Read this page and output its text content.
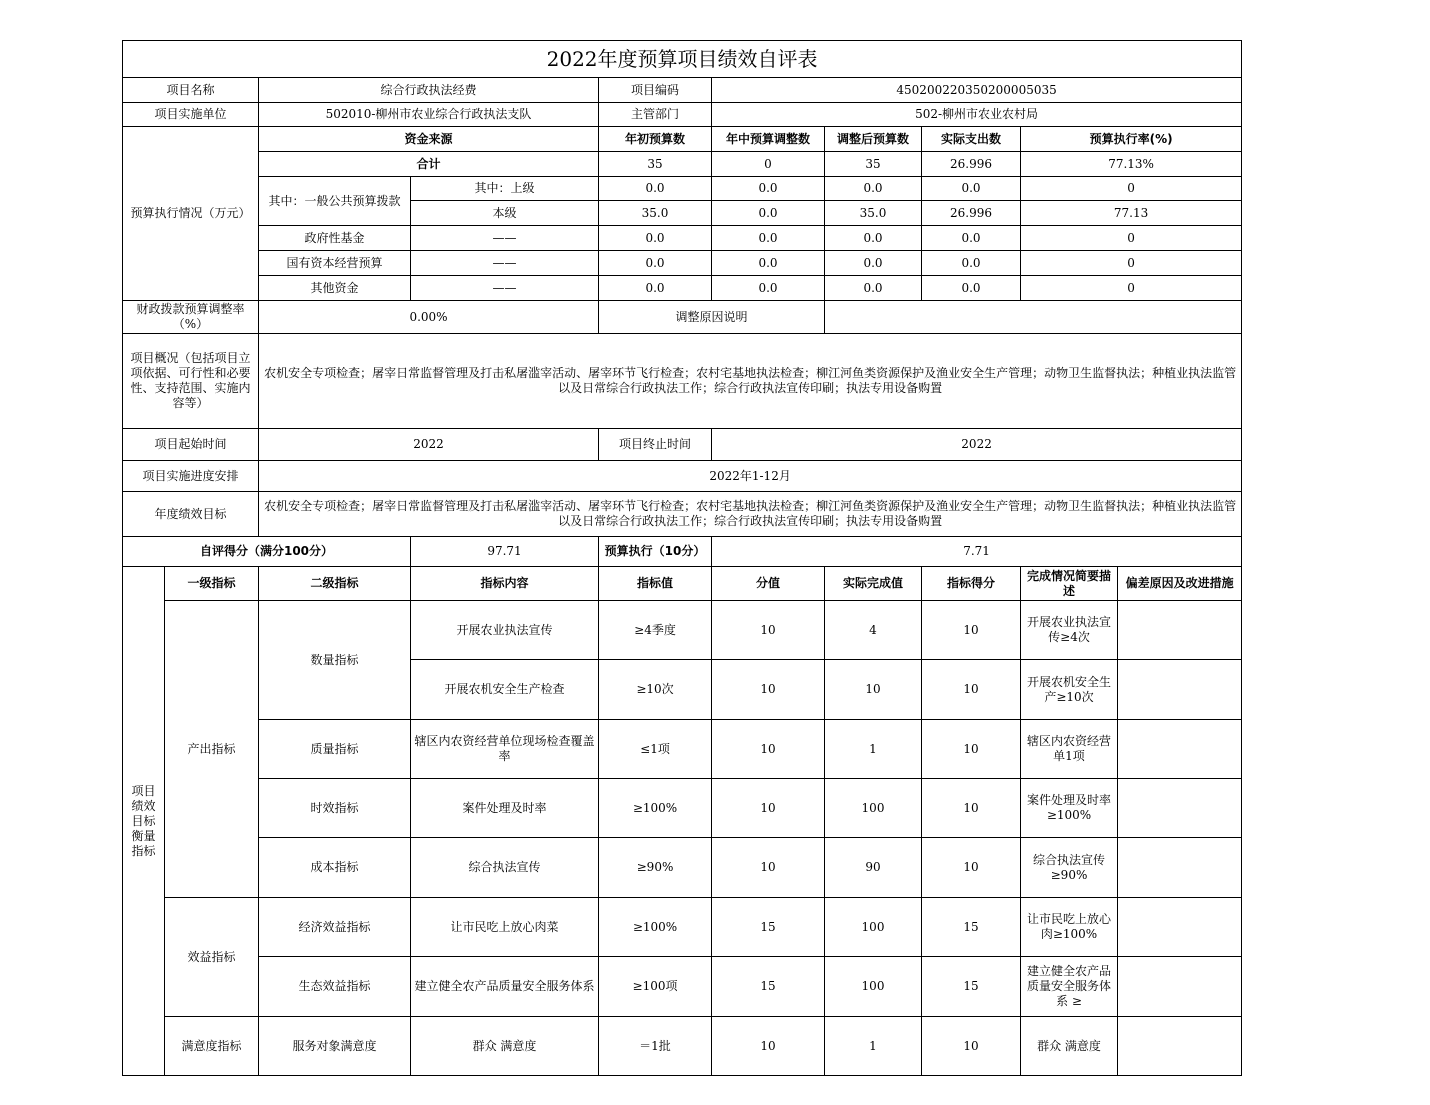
2022年度预算项目绩效自评表									
项目名称		综合行政执法经费		项目编码	450200220350200005035				
项目实施单位		502010-柳州市农业综合行政执法支队		主管部门	502-柳州市农业农村局				
预算执行情况（万元）		资金来源		年初预算数	年中预算调整数	调整后预算数	实际支出数	预算执行率(%)	
		合计		35	0	35	26.996	77.13%	
		其中：一般公共预算拨款	其中：上级	0.0	0.0	0.0	0.0	0	
			本级	35.0	0.0	35.0	26.996	77.13	
		政府性基金	——	0.0	0.0	0.0	0.0	0	
		国有资本经营预算	——	0.0	0.0	0.0	0.0	0	
		其他资金	——	0.0	0.0	0.0	0.0	0	
财政拨款预算调整率（%）		0.00%		调整原因说明					
项目概况（包括项目立项依据、可行性和必要性、支持范围、实施内容等）		农机安全专项检查；屠宰日常监督管理及打击私屠滥宰活动、屠宰环节飞行检查；农村宅基地执法检查；柳江河鱼类资源保护及渔业安全生产管理；动物卫生监督执法；种植业执法监管以及日常综合行政执法工作；综合行政执法宣传印刷；执法专用设备购置							
项目起始时间		2022		项目终止时间	2022				
项目实施进度安排		2022年1-12月							
年度绩效目标		农机安全专项检查；屠宰日常监督管理及打击私屠滥宰活动、屠宰环节飞行检查；农村宅基地执法检查；柳江河鱼类资源保护及渔业安全生产管理；动物卫生监督执法；种植业执法监管以及日常综合行政执法工作；综合行政执法宣传印刷；执法专用设备购置							
自评得分（满分100分）			97.71	预算执行（10分）	7.71				
项目绩效目标衡量指标	一级指标	二级指标	指标内容	指标值	分值	实际完成值	指标得分	完成情况简要描述	偏差原因及改进措施
	产出指标	数量指标	开展农业执法宣传	≥4季度	10	4	10	开展农业执法宣传≥4次	
			开展农机安全生产检查	≥10次	10	10	10	开展农机安全生产≥10次	
		质量指标	辖区内农资经营单位现场检查覆盖率	≤1项	10	1	10	辖区内农资经营单1项	
		时效指标	案件处理及时率	≥100%	10	100	10	案件处理及时率≥100%	
		成本指标	综合执法宣传	≥90%	10	90	10	综合执法宣传≥90%	
	效益指标	经济效益指标	让市民吃上放心肉菜	≥100%	15	100	15	让市民吃上放心肉≥100%	
		生态效益指标	建立健全农产品质量安全服务体系	≥100项	15	100	15	建立健全农产品质量安全服务体系 ≥	
	满意度指标	服务对象满意度	群众 满意度	＝1批	10	1	10	群众 满意度	
